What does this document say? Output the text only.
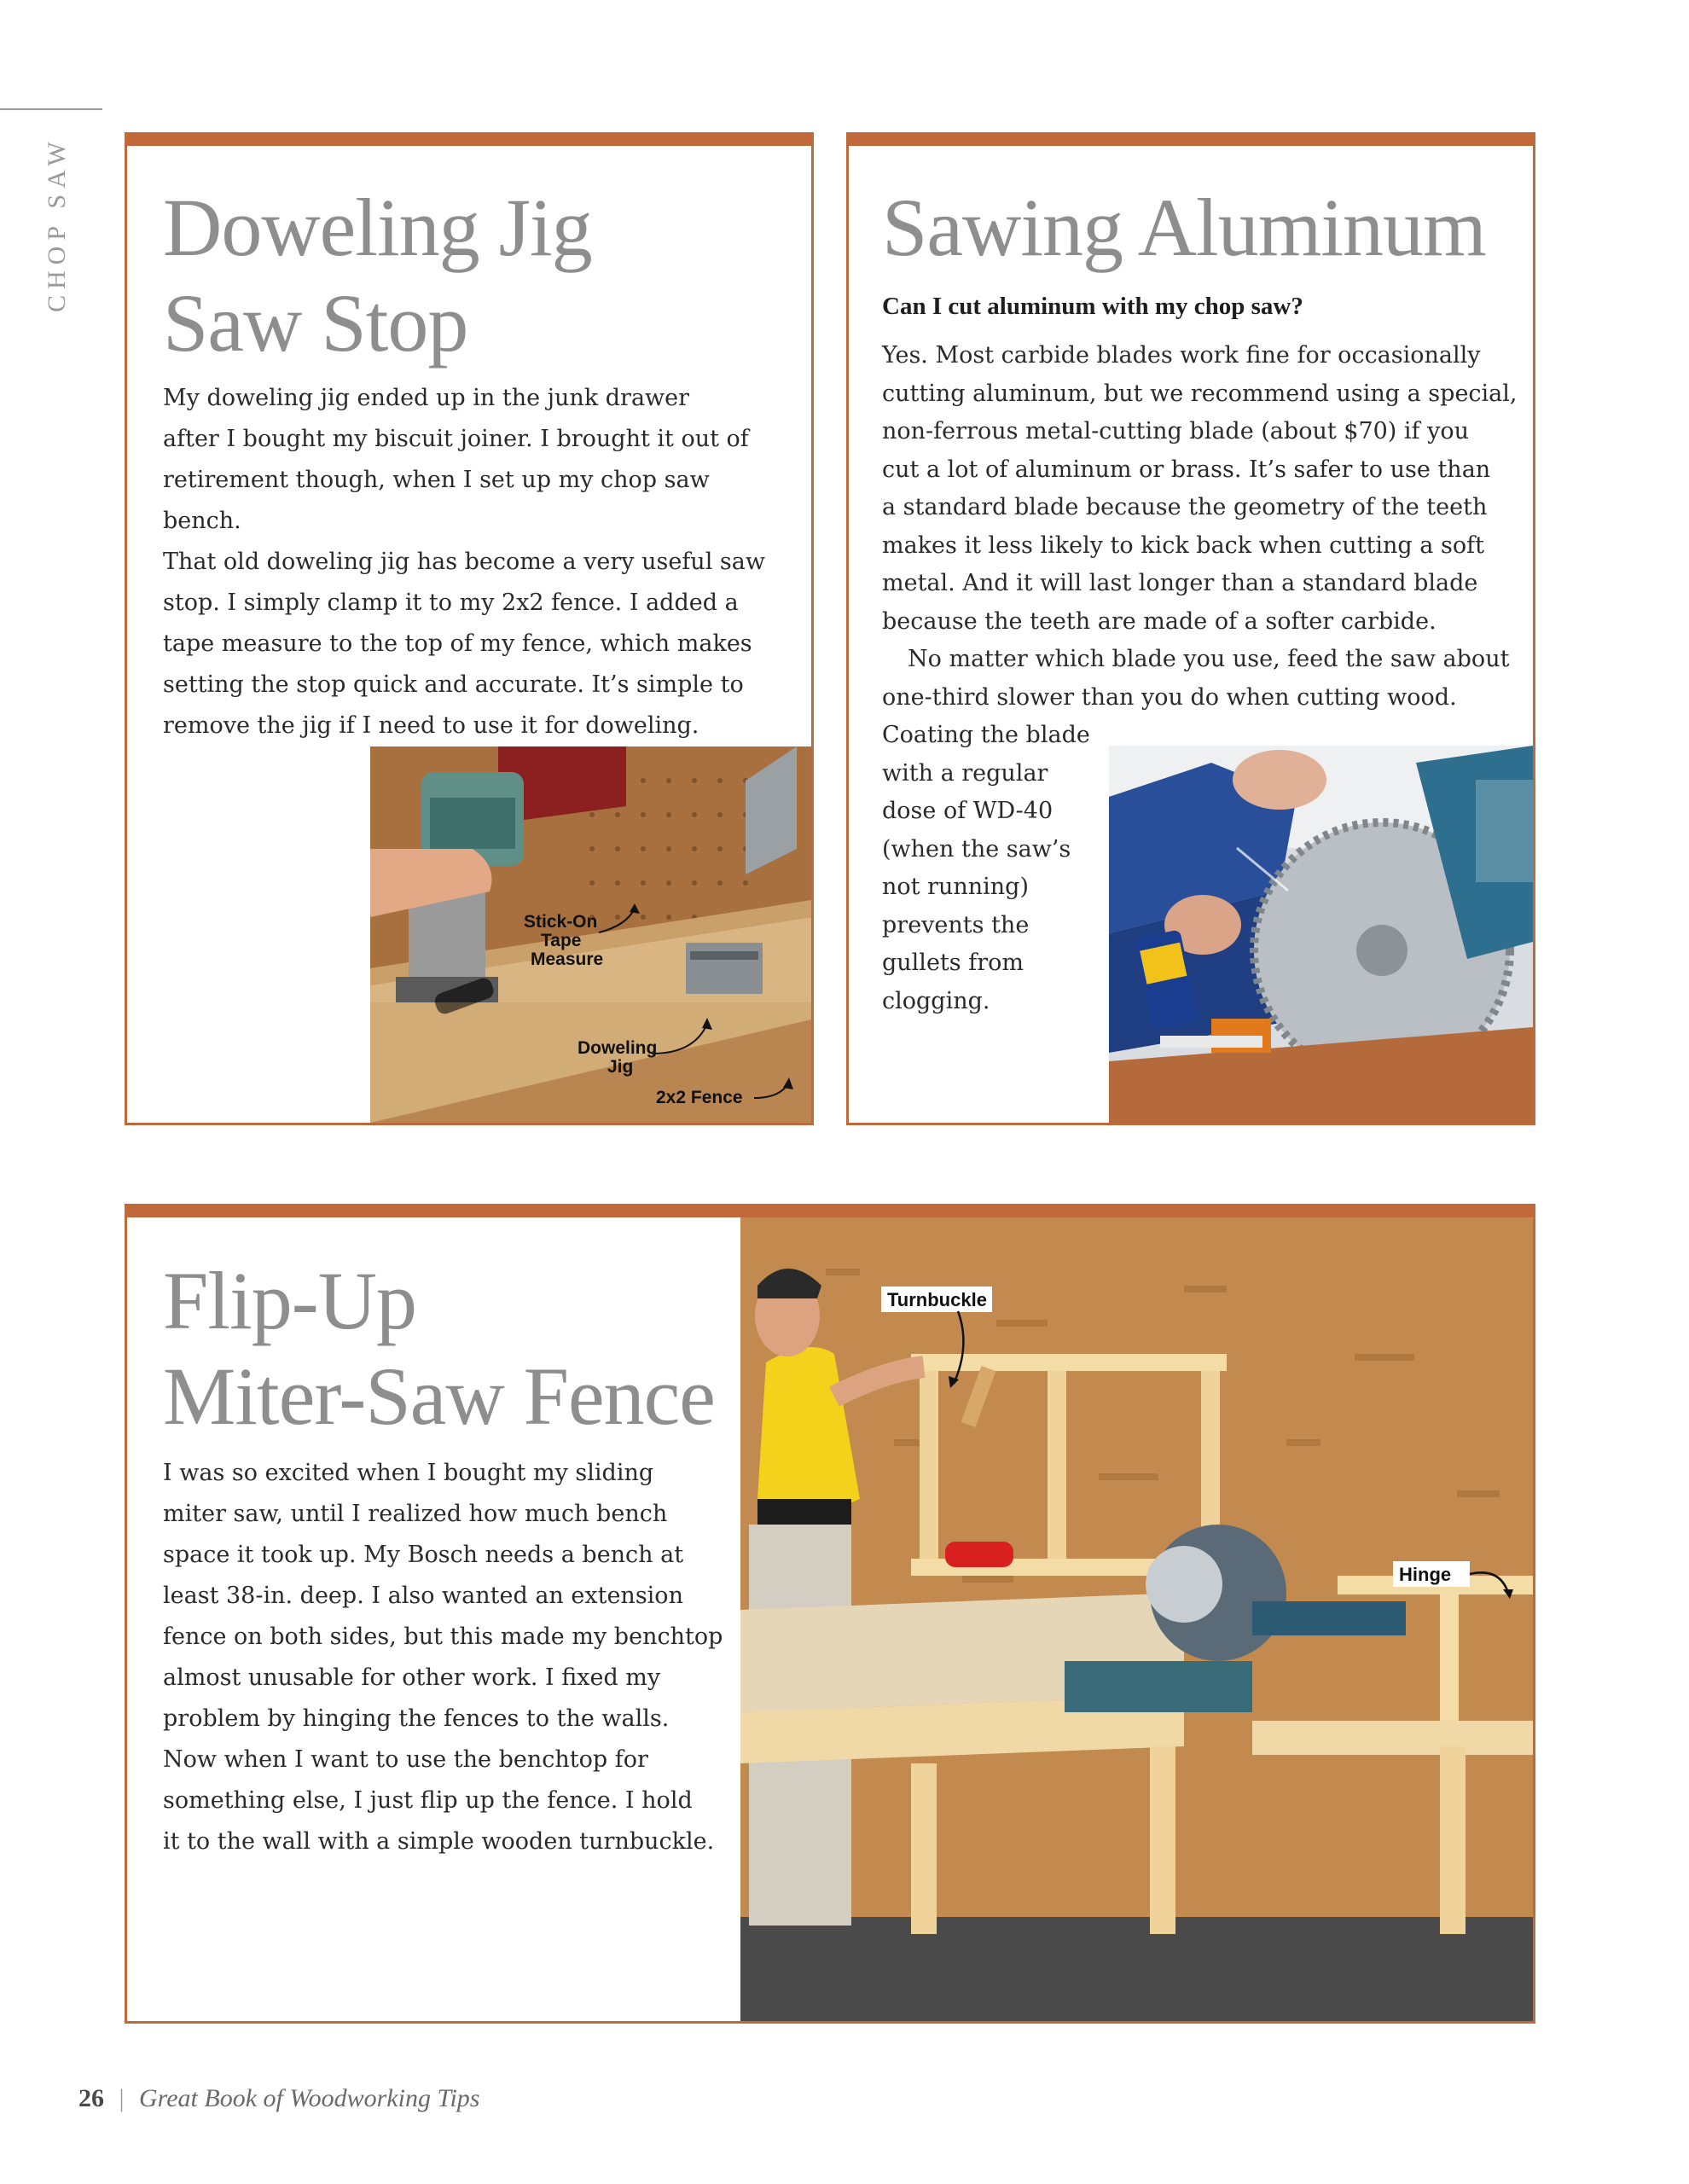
CHOP SAW Doweling Jig
Saw Stop

My doweling jig ended up in the junk drawer
after I bought my biscuit joiner. I brought it out of
retirement though, when I set up my chop saw bench.
That old doweling jig has become a very useful saw
stop. I simply clamp it to my 2x2 fence. I added a
tape measure to the top of my fence, which makes
setting the stop quick and accurate. It’s simple to
remove the jig if I need to use it for doweling.

Stick-On
Tape
Measure
Doweling
Jig
2x2 Fence
Sawing Aluminum

Can I cut aluminum with my chop saw?

Yes. Most carbide blades work fine for occasionally
cutting aluminum, but we recommend using a special,
non-ferrous metal-cutting blade (about $70) if you
cut a lot of aluminum or brass. It’s safer to use than
a standard blade because the geometry of the teeth
makes it less likely to kick back when cutting a soft
metal. And it will last longer than a standard blade
because the teeth are made of a softer carbide.
No matter which blade you use, feed the saw about
one-third slower than you do when cutting wood.

Coating the blade
with a regular
dose of WD-40
(when the saw’s
not running)
prevents the
gullets from
clogging.

Flip-Up
Miter-Saw Fence

I was so excited when I bought my sliding
miter saw, until I realized how much bench
space it took up. My Bosch needs a bench at
least 38-in. deep. I also wanted an extension
fence on both sides, but this made my benchtop
almost unusable for other work. I fixed my
problem by hinging the fences to the walls.
Now when I want to use the benchtop for
something else, I just flip up the fence. I hold
it to the wall with a simple wooden turnbuckle.

Turnbuckle
Hinge
26 | Great Book of Woodworking Tips
